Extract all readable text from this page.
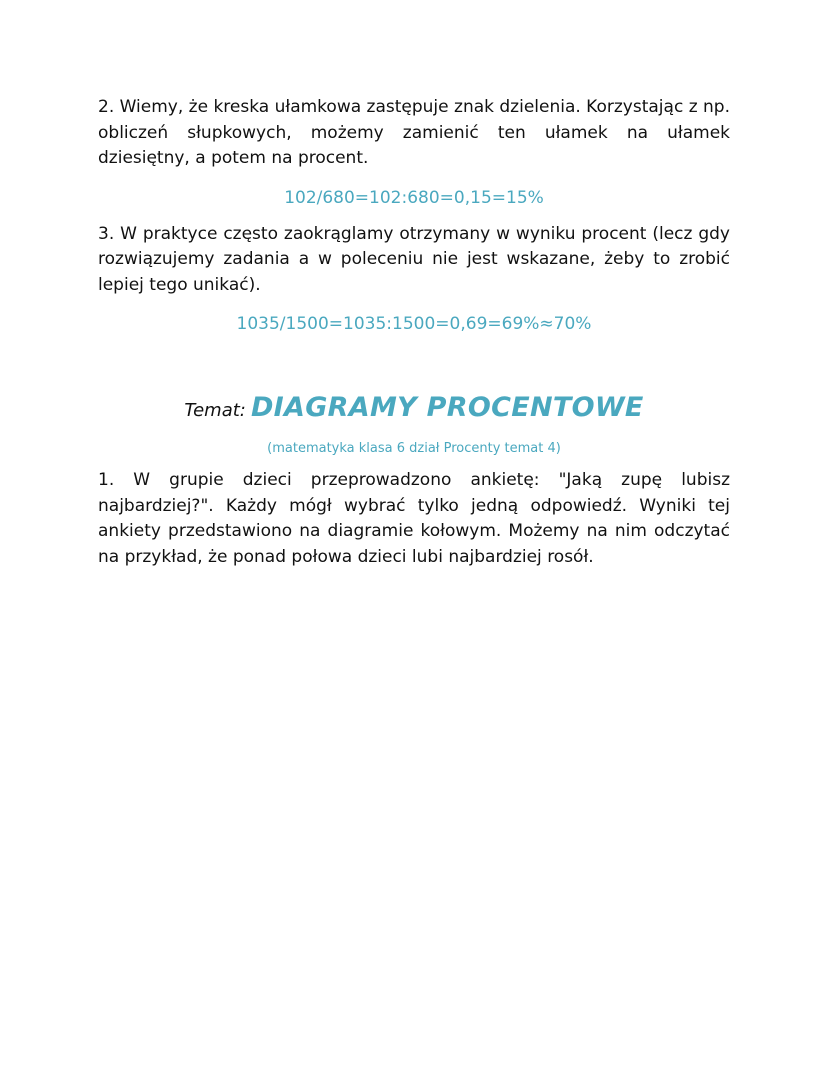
2. Wiemy, że kreska ułamkowa zastępuje znak dzielenia. Korzystając z np. obliczeń słupkowych, możemy zamienić ten ułamek na ułamek dziesiętny, a potem na procent.

102/680=102:680=0,15=15%

3. W praktyce często zaokrąglamy otrzymany w wyniku procent (lecz gdy rozwiązujemy zadania a w poleceniu nie jest wskazane, żeby to zrobić lepiej tego unikać).

1035/1500=1035:1500=0,69=69%≈70%
Temat: DIAGRAMY PROCENTOWE
(matematyka klasa 6 dział Procenty temat 4)

1. W grupie dzieci przeprowadzono ankietę: "Jaką zupę lubisz najbardziej?". Każdy mógł wybrać tylko jedną odpowiedź. Wyniki tej ankiety przedstawiono na diagramie kołowym. Możemy na nim odczytać na przykład, że ponad połowa dzieci lubi najbardziej rosół.
